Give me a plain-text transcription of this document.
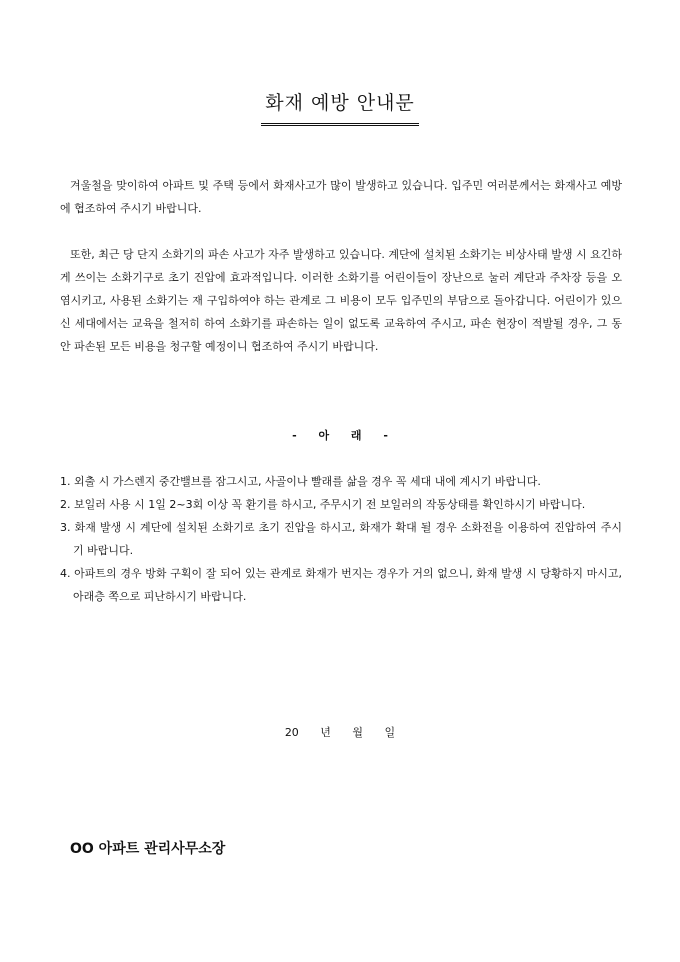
화재 예방 안내문

겨울철을 맞이하여 아파트 및 주택 등에서 화재사고가 많이 발생하고 있습니다. 입주민 여러분께서는 화재사고 예방에 협조하여 주시기 바랍니다.

또한, 최근 당 단지 소화기의 파손 사고가 자주 발생하고 있습니다. 계단에 설치된 소화기는 비상사태 발생 시 요긴하게 쓰이는 소화기구로 초기 진압에 효과적입니다. 이러한 소화기를 어린이들이 장난으로 눌러 계단과 주차장 등을 오염시키고, 사용된 소화기는 재 구입하여야 하는 관계로 그 비용이 모두 입주민의 부담으로 돌아갑니다. 어린이가 있으신 세대에서는 교육을 철저히 하여 소화기를 파손하는 일이 없도록 교육하여 주시고, 파손 현장이 적발될 경우, 그 동안 파손된 모든 비용을 청구할 예정이니 협조하여 주시기 바랍니다.

- 아 래 -
1. 외출 시 가스렌지 중간밸브를 잠그시고, 사골이나 빨래를 삶을 경우 꼭 세대 내에 계시기 바랍니다.
2. 보일러 사용 시 1일 2~3회 이상 꼭 환기를 하시고, 주무시기 전 보일러의 작동상태를 확인하시기 바랍니다.
3. 화재 발생 시 계단에 설치된 소화기로 초기 진압을 하시고, 화재가 확대 될 경우 소화전을 이용하여 진압하여 주시기 바랍니다.
4. 아파트의 경우 방화 구획이 잘 되어 있는 관계로 화재가 번지는 경우가 거의 없으니, 화재 발생 시 당황하지 마시고, 아래층 쪽으로 피난하시기 바랍니다.
20 년 월 일
OO 아파트 관리사무소장
